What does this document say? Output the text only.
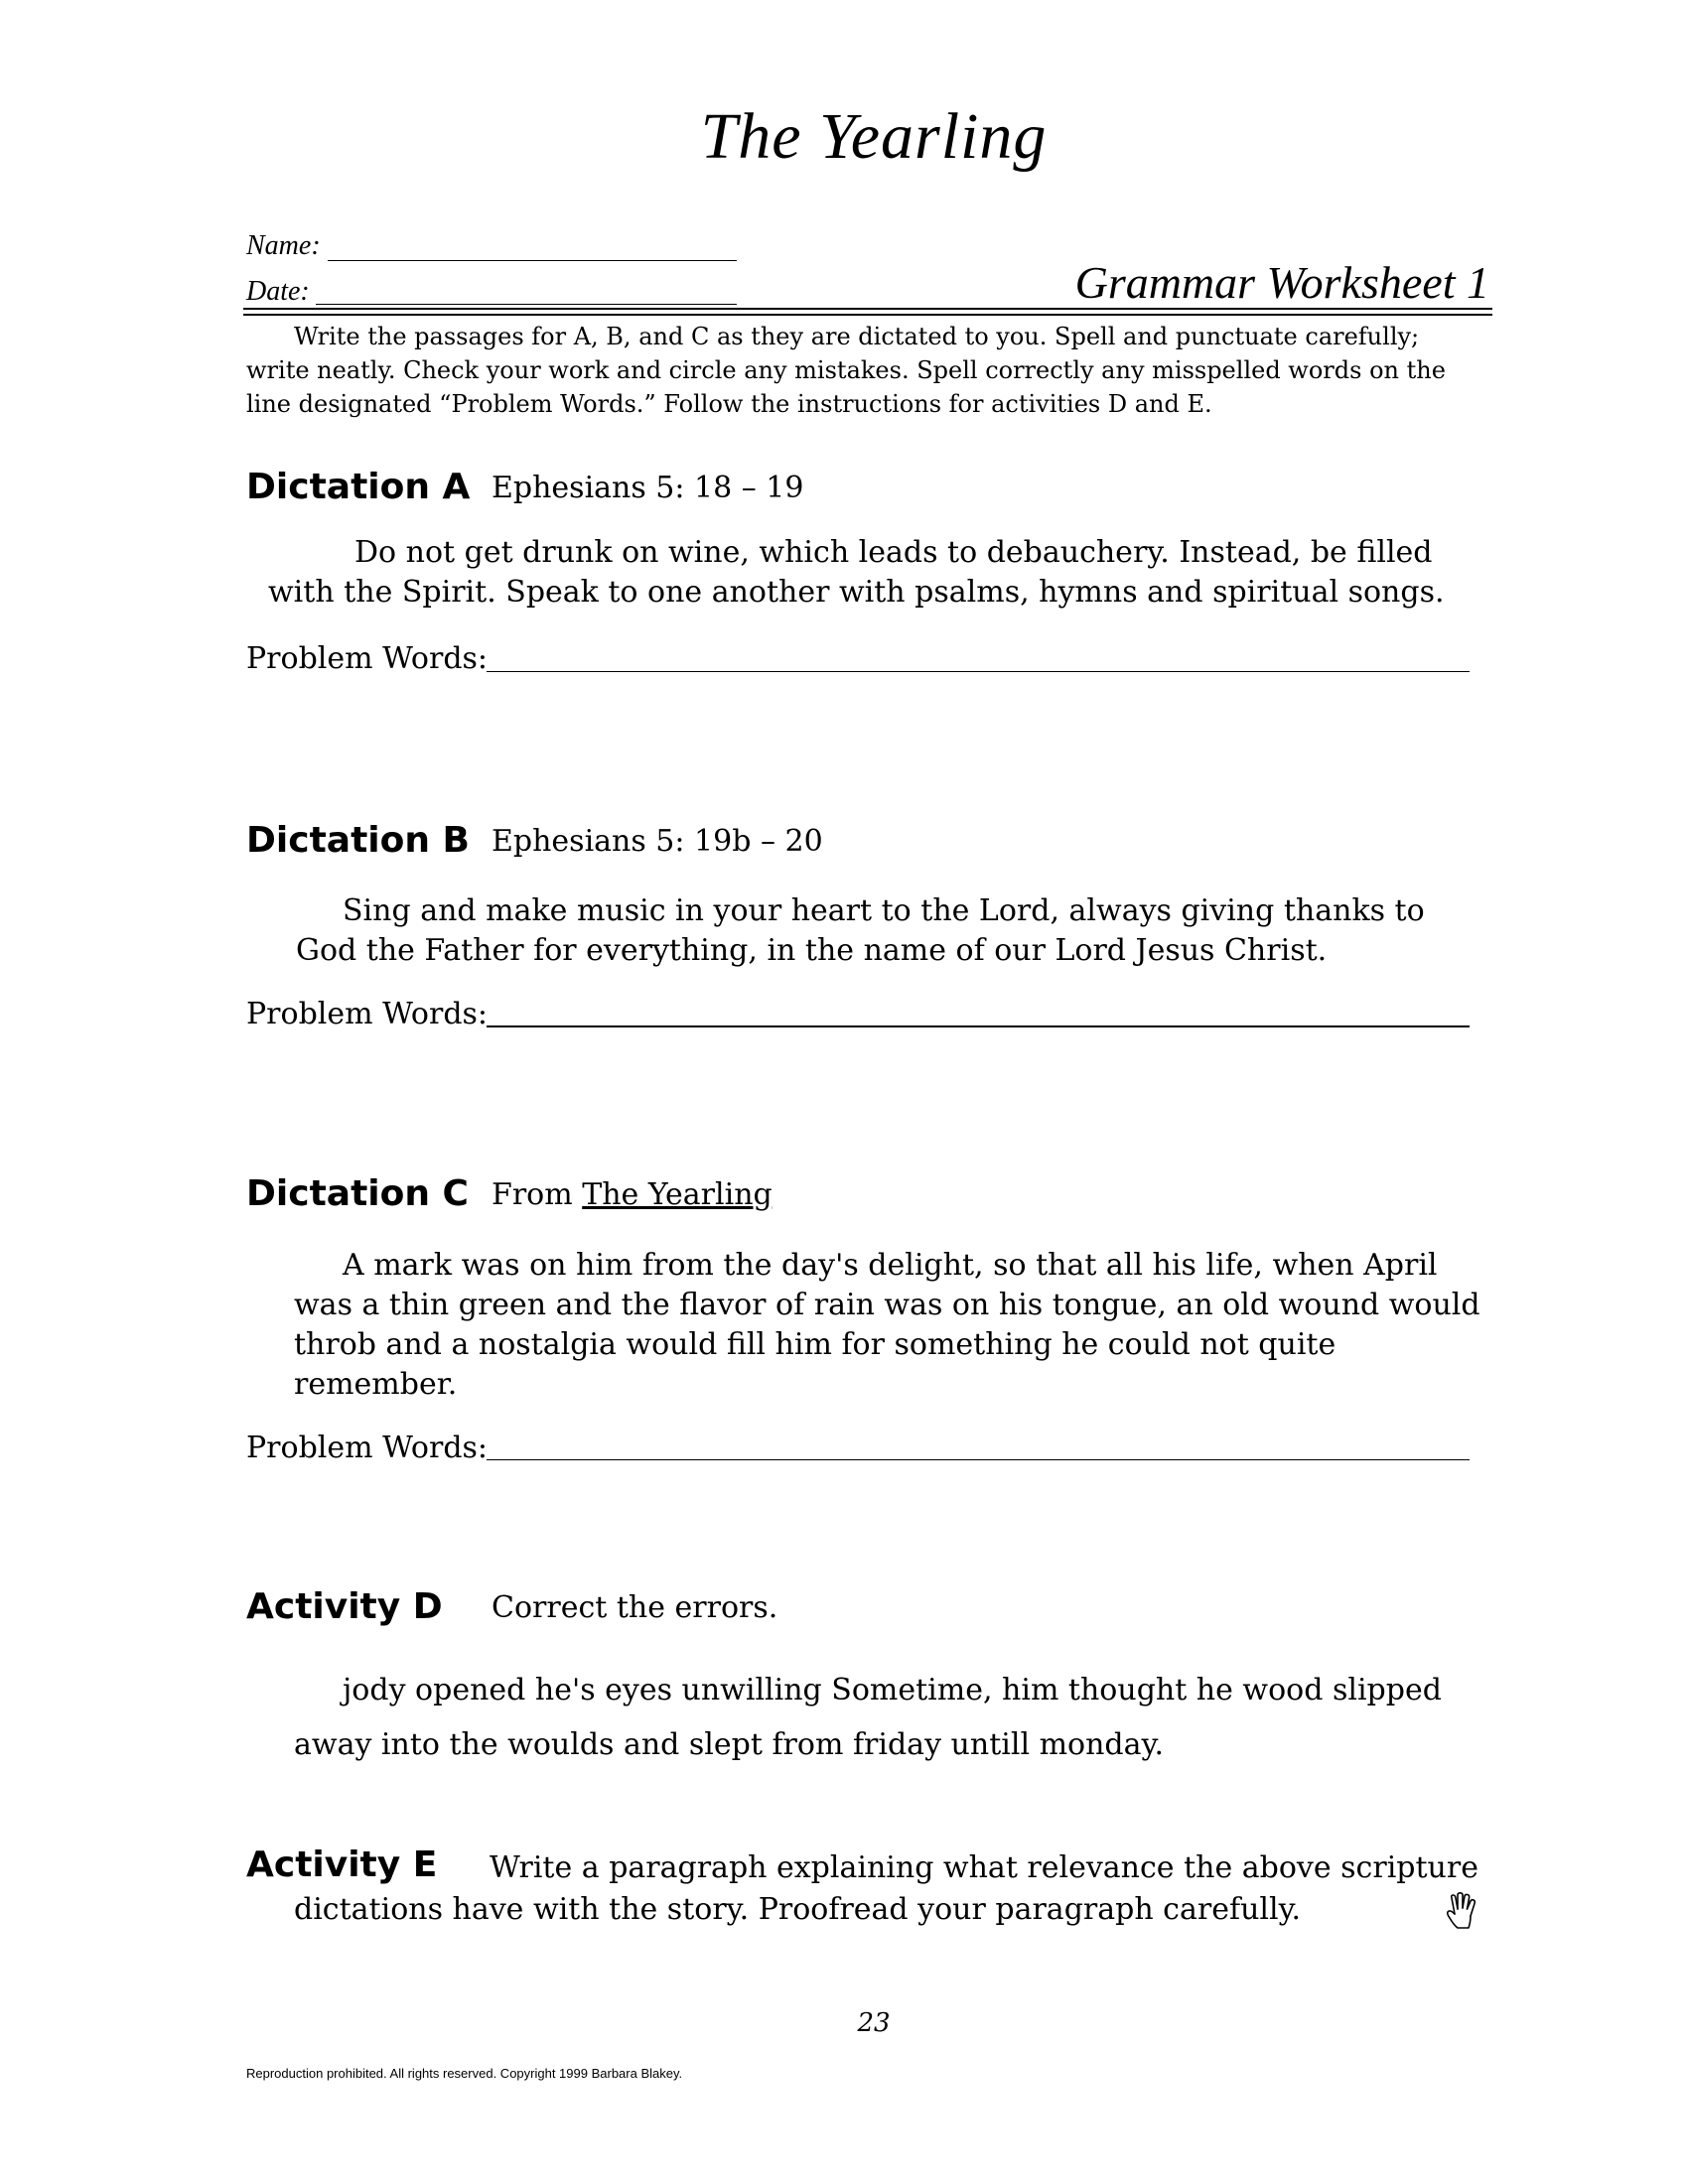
The Yearling
Name:
Date:	Grammar Worksheet 1

Write the passages for A, B, and C as they are dictated to you. Spell and punctuate carefully; write neatly. Check your work and circle any mistakes. Spell correctly any misspelled words on the line designated “Problem Words.” Follow the instructions for activities D and E.

Dictation A Ephesians 5: 18 – 19
Do not get drunk on wine, which leads to debauchery. Instead, be filled
with the Spirit. Speak to one another with psalms, hymns and spiritual songs.
Problem Words:
Dictation B Ephesians 5: 19b – 20
Sing and make music in your heart to the Lord, always giving thanks to
God the Father for everything, in the name of our Lord Jesus Christ.
Problem Words:
Dictation C From The Yearling
A mark was on him from the day's delight, so that all his life, when April
was a thin green and the flavor of rain was on his tongue, an old wound would
throb and a nostalgia would fill him for something he could not quite
remember.
Problem Words:
Activity D Correct the errors.
jody opened he's eyes unwilling Sometime, him thought he wood slipped
away into the woulds and slept from friday untill monday.
Activity E Write a paragraph explaining what relevance the above scripture
dictations have with the story. Proofread your paragraph carefully.
23
Reproduction prohibited. All rights reserved. Copyright 1999 Barbara Blakey.
